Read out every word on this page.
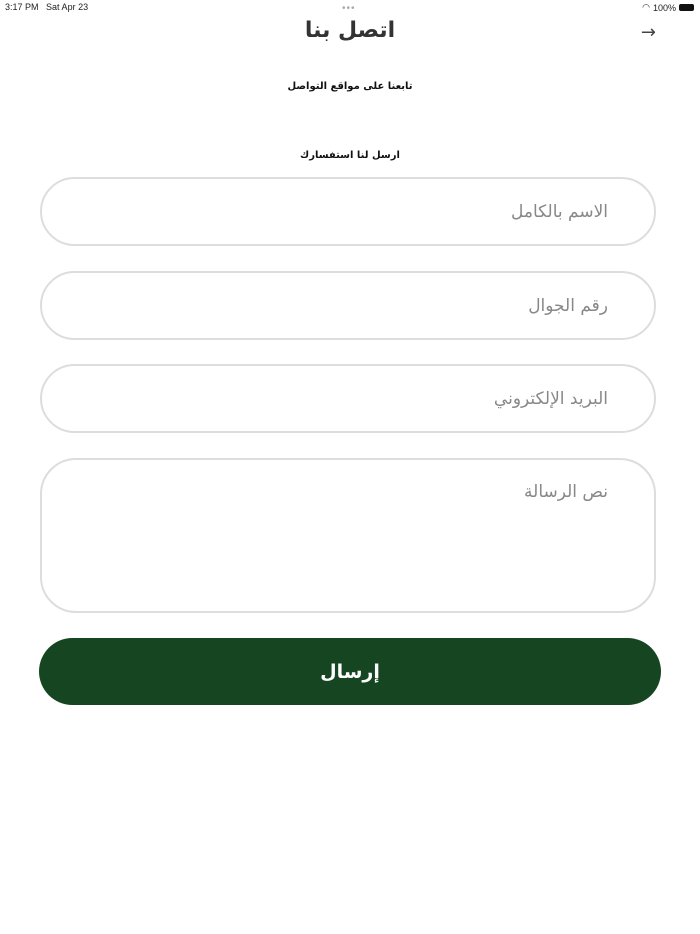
3:17 PM Sat Apr 23	•••	◠ 100%
اتصل بنا	→
تابعنا على مواقع التواصل
ارسل لنا استفسارك
الاسم بالكامل
رقم الجوال
البريد الإلكتروني
نص الرسالة
إرسال
